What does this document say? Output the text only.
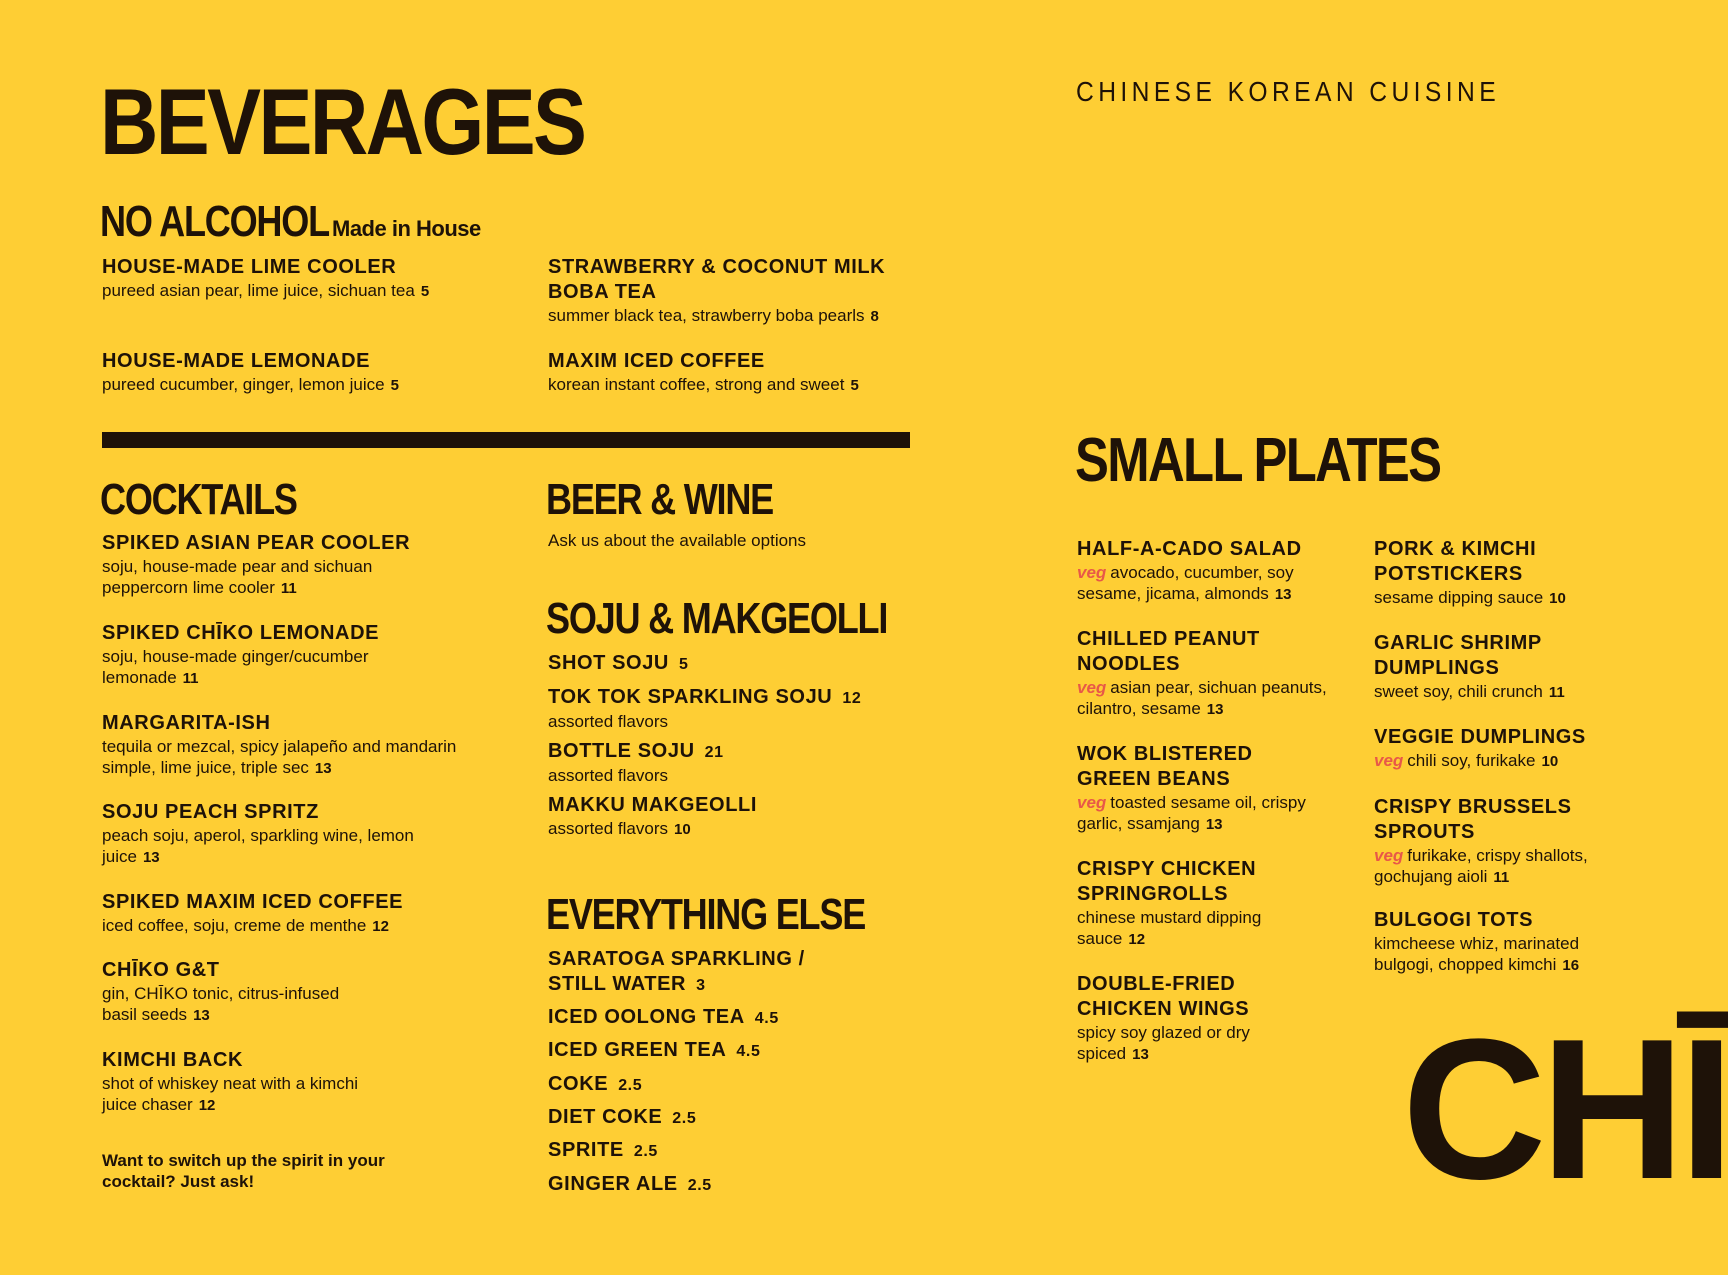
BEVERAGES	CHINESE KOREAN CUISINE
NO ALCOHOL Made in House
HOUSE-MADE LIME COOLER
pureed asian pear, lime juice, sichuan tea 5
HOUSE-MADE LEMONADE
pureed cucumber, ginger, lemon juice 5
STRAWBERRY & COCONUT MILK BOBA TEA
summer black tea, strawberry boba pearls 8
MAXIM ICED COFFEE
korean instant coffee, strong and sweet 5
COCKTAILS
SPIKED ASIAN PEAR COOLER
soju, house-made pear and sichuan peppercorn lime cooler 11
SPIKED CHĪKO LEMONADE
soju, house-made ginger/cucumber lemonade 11
MARGARITA-ISH
tequila or mezcal, spicy jalapeño and mandarin simple, lime juice, triple sec 13
SOJU PEACH SPRITZ
peach soju, aperol, sparkling wine, lemon juice 13
SPIKED MAXIM ICED COFFEE
iced coffee, soju, creme de menthe 12
CHĪKO G&T
gin, CHĪKO tonic, citrus-infused basil seeds 13
KIMCHI BACK
shot of whiskey neat with a kimchi juice chaser 12
Want to switch up the spirit in your cocktail? Just ask!
BEER & WINE
Ask us about the available options
SOJU & MAKGEOLLI
SHOT SOJU 5
TOK TOK SPARKLING SOJU 12
assorted flavors
BOTTLE SOJU 21
assorted flavors
MAKKU MAKGEOLLI
assorted flavors 10
EVERYTHING ELSE
SARATOGA SPARKLING / STILL WATER 3
ICED OOLONG TEA 4.5
ICED GREEN TEA 4.5
COKE 2.5
DIET COKE 2.5
SPRITE 2.5
GINGER ALE 2.5
SMALL PLATES
HALF-A-CADO SALAD
veg avocado, cucumber, soy sesame, jicama, almonds 13
CHILLED PEANUT NOODLES
veg asian pear, sichuan peanuts, cilantro, sesame 13
WOK BLISTERED GREEN BEANS
veg toasted sesame oil, crispy garlic, ssamjang 13
CRISPY CHICKEN SPRINGROLLS
chinese mustard dipping sauce 12
DOUBLE-FRIED CHICKEN WINGS
spicy soy glazed or dry spiced 13
PORK & KIMCHI POTSTICKERS
sesame dipping sauce 10
GARLIC SHRIMP DUMPLINGS
sweet soy, chili crunch 11
VEGGIE DUMPLINGS
veg chili soy, furikake 10
CRISPY BRUSSELS SPROUTS
veg furikake, crispy shallots, gochujang aioli 11
BULGOGI TOTS
kimcheese whiz, marinated bulgogi, chopped kimchi 16
CHĪ
